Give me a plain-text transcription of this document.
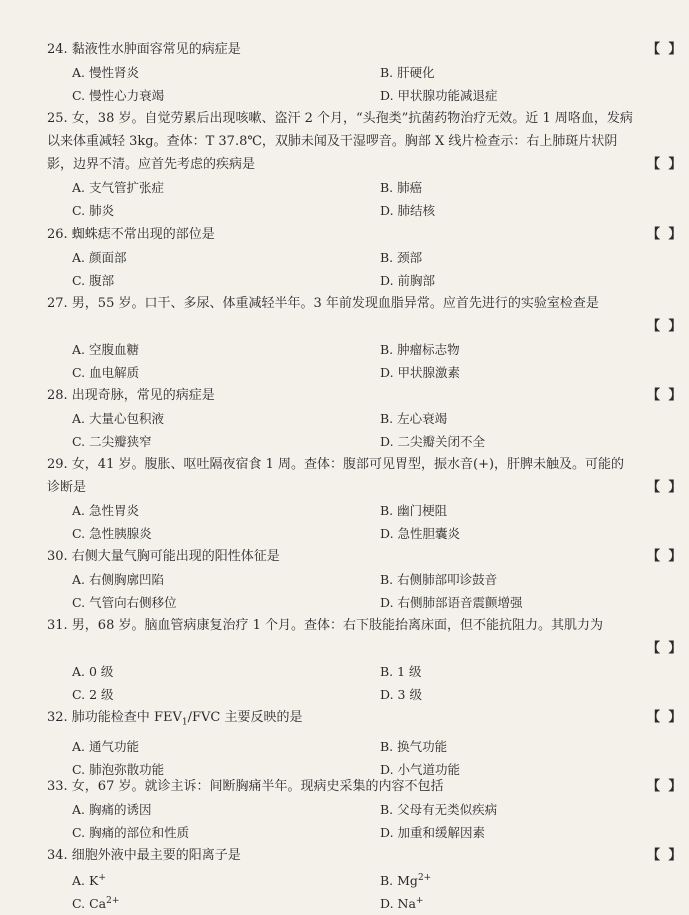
24. 黏液性水肿面容常见的病症是	【 】
A. 慢性肾炎	B. 肝硬化
C. 慢性心力衰竭	D. 甲状腺功能减退症
25. 女，38 岁。自觉劳累后出现咳嗽、盗汗 2 个月，“头孢类”抗菌药物治疗无效。近 1 周咯血，发病以来体重减轻 3kg。查体：T 37.8℃，双肺未闻及干湿啰音。胸部 X 线片检查示：右上肺斑片状阴影，边界不清。应首先考虑的疾病是	【 】
A. 支气管扩张症	B. 肺癌
C. 肺炎	D. 肺结核
26. 蜘蛛痣不常出现的部位是	【 】
A. 颜面部	B. 颈部
C. 腹部	D. 前胸部
27. 男，55 岁。口干、多尿、体重减轻半年。3 年前发现血脂异常。应首先进行的实验室检查是
【 】
A. 空腹血糖	B. 肿瘤标志物
C. 血电解质	D. 甲状腺激素
28. 出现奇脉，常见的病症是	【 】
A. 大量心包积液	B. 左心衰竭
C. 二尖瓣狭窄	D. 二尖瓣关闭不全
29. 女，41 岁。腹胀、呕吐隔夜宿食 1 周。查体：腹部可见胃型，振水音(+)，肝脾未触及。可能的诊断是	【 】
A. 急性胃炎	B. 幽门梗阻
C. 急性胰腺炎	D. 急性胆囊炎
30. 右侧大量气胸可能出现的阳性体征是	【 】
A. 右侧胸廓凹陷	B. 右侧肺部叩诊鼓音
C. 气管向右侧移位	D. 右侧肺部语音震颤增强
31. 男，68 岁。脑血管病康复治疗 1 个月。查体：右下肢能抬离床面，但不能抗阻力。其肌力为
【 】
A. 0 级	B. 1 级
C. 2 级	D. 3 级
32. 肺功能检查中 $FEV_1$/FVC 主要反映的是	【 】
A. 通气功能	B. 换气功能
C. 肺泡弥散功能	D. 小气道功能
33. 女，67 岁。就诊主诉：间断胸痛半年。现病史采集的内容不包括	【 】
A. 胸痛的诱因	B. 父母有无类似疾病
C. 胸痛的部位和性质	D. 加重和缓解因素
34. 细胞外液中最主要的阳离子是	【 】
A. K+	B. $Mg^{2+}$
C. $Ca^{2+}$	D. Na+
